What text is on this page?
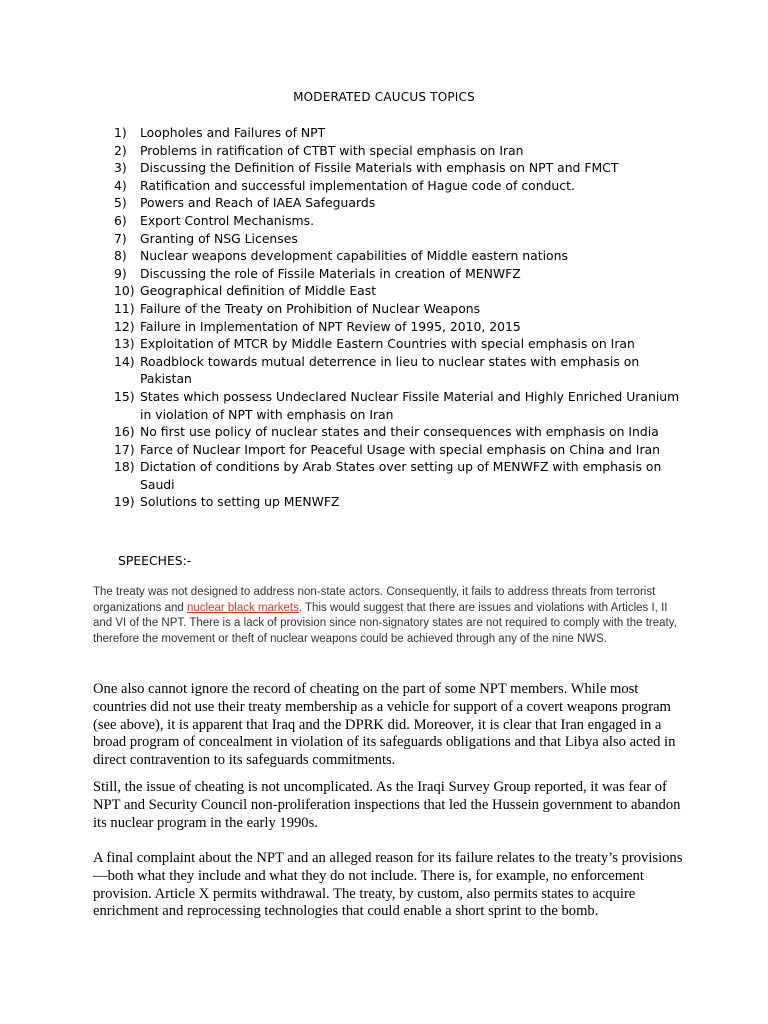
MODERATED CAUCUS TOPICS
1)	Loopholes and Failures of NPT
2)	Problems in ratification of CTBT with special emphasis on Iran
3)	Discussing the Definition of Fissile Materials with emphasis on NPT and FMCT
4)	Ratification and successful implementation of Hague code of conduct.
5)	Powers and Reach of IAEA Safeguards
6)	Export Control Mechanisms.
7)	Granting of NSG Licenses
8)	Nuclear weapons development capabilities of Middle eastern nations
9)	Discussing the role of Fissile Materials in creation of MENWFZ
10) Geographical definition of Middle East
11) Failure of the Treaty on Prohibition of Nuclear Weapons
12) Failure in Implementation of NPT Review of 1995, 2010, 2015
13) Exploitation of MTCR by Middle Eastern Countries with special emphasis on Iran
14) Roadblock towards mutual deterrence in lieu to nuclear states with emphasis on Pakistan
15) States which possess Undeclared Nuclear Fissile Material and Highly Enriched Uranium in violation of NPT with emphasis on Iran
16) No first use policy of nuclear states and their consequences with emphasis on India
17) Farce of Nuclear Import for Peaceful Usage with special emphasis on China and Iran
18) Dictation of conditions by Arab States over setting up of MENWFZ with emphasis on Saudi
19) Solutions to setting up MENWFZ
SPEECHES:-
The treaty was not designed to address non-state actors. Consequently, it fails to address threats from terrorist organizations and nuclear black markets. This would suggest that there are issues and violations with Articles I, II and VI of the NPT. There is a lack of provision since non-signatory states are not required to comply with the treaty, therefore the movement or theft of nuclear weapons could be achieved through any of the nine NWS.

One also cannot ignore the record of cheating on the part of some NPT members. While most countries did not use their treaty membership as a vehicle for support of a covert weapons program (see above), it is apparent that Iraq and the DPRK did. Moreover, it is clear that Iran engaged in a broad program of concealment in violation of its safeguards obligations and that Libya also acted in direct contravention to its safeguards commitments.

Still, the issue of cheating is not uncomplicated. As the Iraqi Survey Group reported, it was fear of NPT and Security Council non-proliferation inspections that led the Hussein government to abandon its nuclear program in the early 1990s.

A final complaint about the NPT and an alleged reason for its failure relates to the treaty’s provisions—both what they include and what they do not include. There is, for example, no enforcement provision. Article X permits withdrawal. The treaty, by custom, also permits states to acquire enrichment and reprocessing technologies that could enable a short sprint to the bomb.
